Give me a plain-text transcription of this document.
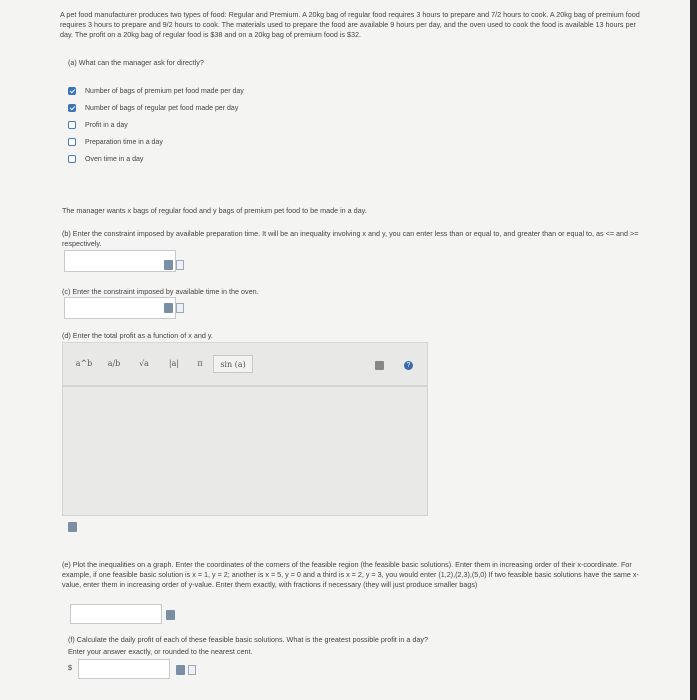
A pet food manufacturer produces two types of food: Regular and Premium. A 20kg bag of regular food requires 3 hours to prepare and 7/2 hours to cook. A 20kg bag of premium food requires 3 hours to prepare and 9/2 hours to cook. The materials used to prepare the food are available 9 hours per day, and the oven used to cook the food is available 13 hours per day. The profit on a 20kg bag of regular food is $38 and on a 20kg bag of premium food is $32.
(a) What can the manager ask for directly?
Number of bags of premium pet food made per day
Number of bags of regular pet food made per day
Profit in a day
Preparation time in a day
Oven time in a day
The manager wants x bags of regular food and y bags of premium pet food to be made in a day.
(b) Enter the constraint imposed by available preparation time. It will be an inequality involving x and y, you can enter less than or equal to, and greater than or equal to, as <= and >= respectively.
(c) Enter the constraint imposed by available time in the oven.
(d) Enter the total profit as a function of x and y.
a^b	a/b	√a	|a|	π	sin (a)	?
(e) Plot the inequalities on a graph. Enter the coordinates of the corners of the feasible region (the feasible basic solutions). Enter them in increasing order of their x-coordinate. For example, if one feasible basic solution is x = 1, y = 2; another is x = 5, y = 0 and a third is x = 2, y = 3, you would enter (1,2),(2,3),(5,0) If two feasible basic solutions have the same x-value, enter them in increasing order of y-value. Enter them exactly, with fractions if necessary (they will just produce smaller bags)
(f) Calculate the daily profit of each of these feasible basic solutions. What is the greatest possible profit in a day?
Enter your answer exactly, or rounded to the nearest cent.
$
